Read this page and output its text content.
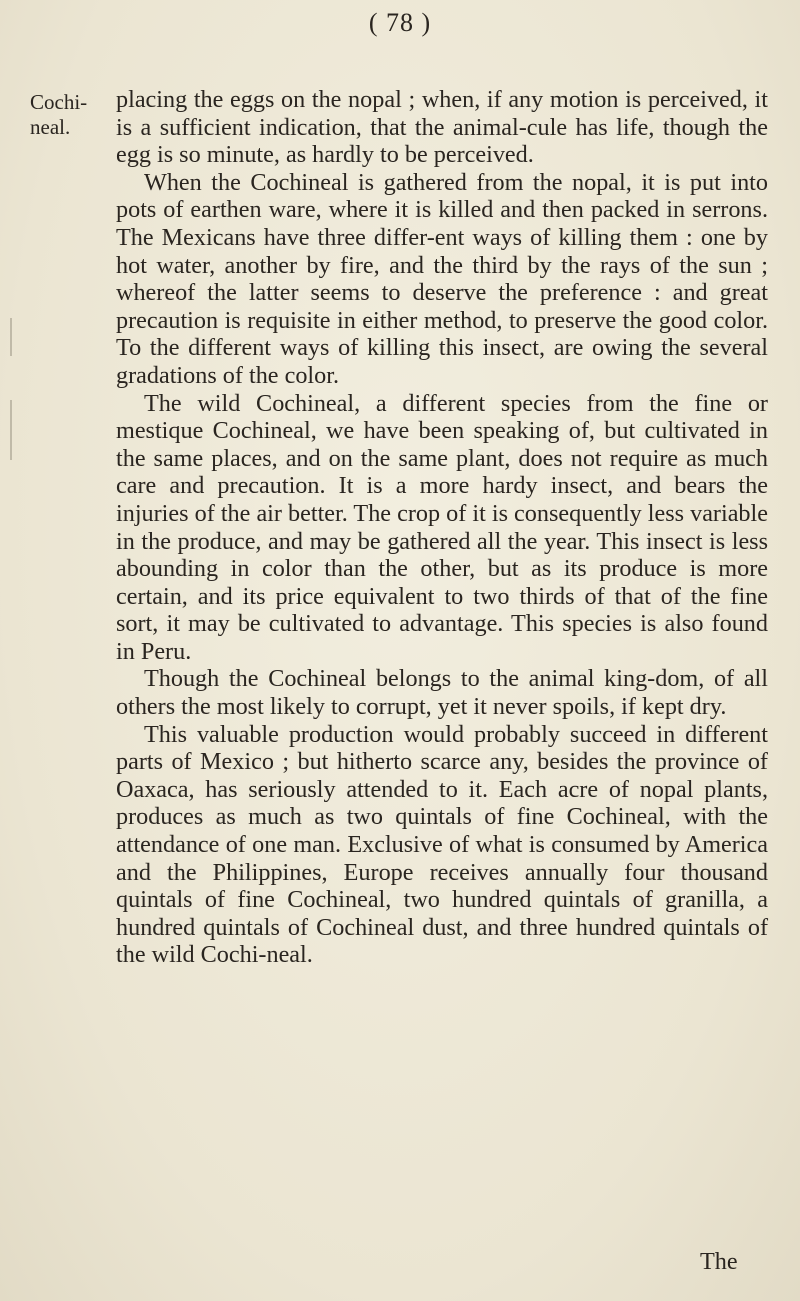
( 78 )
Cochi-
neal.

placing the eggs on the nopal ; when, if any motion is perceived, it is a sufficient indication, that the animal-cule has life, though the egg is so minute, as hardly to be perceived.

When the Cochineal is gathered from the nopal, it is put into pots of earthen ware, where it is killed and then packed in serrons. The Mexicans have three differ-ent ways of killing them : one by hot water, another by fire, and the third by the rays of the sun ; whereof the latter seems to deserve the preference : and great precaution is requisite in either method, to preserve the good color. To the different ways of killing this insect, are owing the several gradations of the color.

The wild Cochineal, a different species from the fine or mestique Cochineal, we have been speaking of, but cultivated in the same places, and on the same plant, does not require as much care and precaution. It is a more hardy insect, and bears the injuries of the air better. The crop of it is consequently less variable in the produce, and may be gathered all the year. This insect is less abounding in color than the other, but as its produce is more certain, and its price equivalent to two thirds of that of the fine sort, it may be cultivated to advantage. This species is also found in Peru.

Though the Cochineal belongs to the animal king-dom, of all others the most likely to corrupt, yet it never spoils, if kept dry.

This valuable production would probably succeed in different parts of Mexico ; but hitherto scarce any, besides the province of Oaxaca, has seriously attended to it. Each acre of nopal plants, produces as much as two quintals of fine Cochineal, with the attendance of one man. Exclusive of what is consumed by America and the Philippines, Europe receives annually four thousand quintals of fine Cochineal, two hundred quintals of granilla, a hundred quintals of Cochineal dust, and three hundred quintals of the wild Cochi-neal.

The
